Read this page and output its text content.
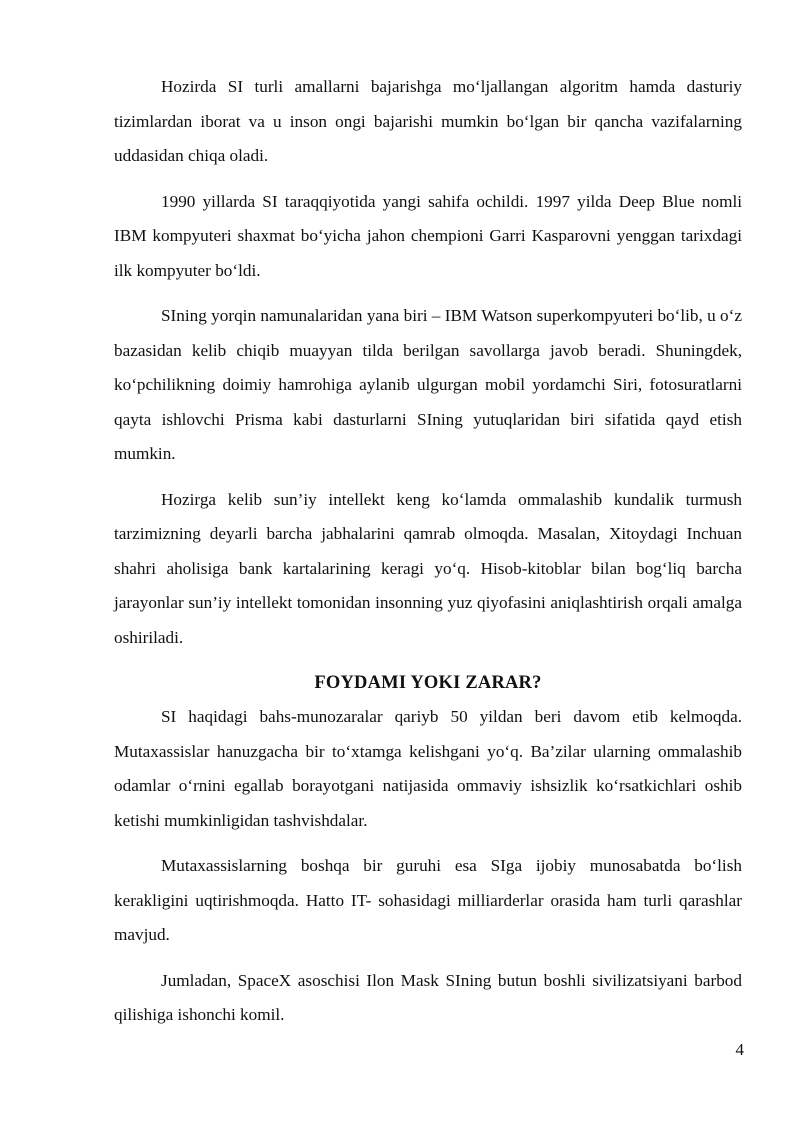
Hozirda SI turli amallarni bajarishga mo‘ljallangan algoritm hamda dasturiy tizimlardan iborat va u inson ongi bajarishi mumkin bo‘lgan bir qancha vazifalarning uddasidan chiqa oladi.

1990 yillarda SI taraqqiyotida yangi sahifa ochildi. 1997 yilda Deep Blue nomli IBM kompyuteri shaxmat bo‘yicha jahon chempioni Garri Kasparovni yenggan tarixdagi ilk kompyuter bo‘ldi.

SIning yorqin namunalaridan yana biri – IBM Watson superkompyuteri bo‘lib, u o‘z bazasidan kelib chiqib muayyan tilda berilgan savollarga javob beradi. Shuningdek, ko‘pchilikning doimiy hamrohiga aylanib ulgurgan mobil yordamchi Siri, fotosuratlarni qayta ishlovchi Prisma kabi dasturlarni SIning yutuqlaridan biri sifatida qayd etish mumkin.

Hozirga kelib sun’iy intellekt keng ko‘lamda ommalashib kundalik turmush tarzimizning deyarli barcha jabhalarini qamrab olmoqda. Masalan, Xitoydagi Inchuan shahri aholisiga bank kartalarining keragi yo‘q. Hisob-kitoblar bilan bog‘liq barcha jarayonlar sun’iy intellekt tomonidan insonning yuz qiyofasini aniqlashtirish orqali amalga oshiriladi.

FOYDAMI YOKI ZARAR?

SI haqidagi bahs-munozaralar qariyb 50 yildan beri davom etib kelmoqda. Mutaxassislar hanuzgacha bir to‘xtamga kelishgani yo‘q. Ba’zilar ularning ommalashib odamlar o‘rnini egallab borayotgani natijasida ommaviy ishsizlik ko‘rsatkichlari oshib ketishi mumkinligidan tashvishdalar.

Mutaxassislarning boshqa bir guruhi esa SIga ijobiy munosabatda bo‘lish kerakligini uqtirishmoqda. Hatto IT- sohasidagi milliarderlar orasida ham turli qarashlar mavjud.

Jumladan, SpaceX asoschisi Ilon Mask SIning butun boshli sivilizatsiyani barbod qilishiga ishonchi komil.

4
